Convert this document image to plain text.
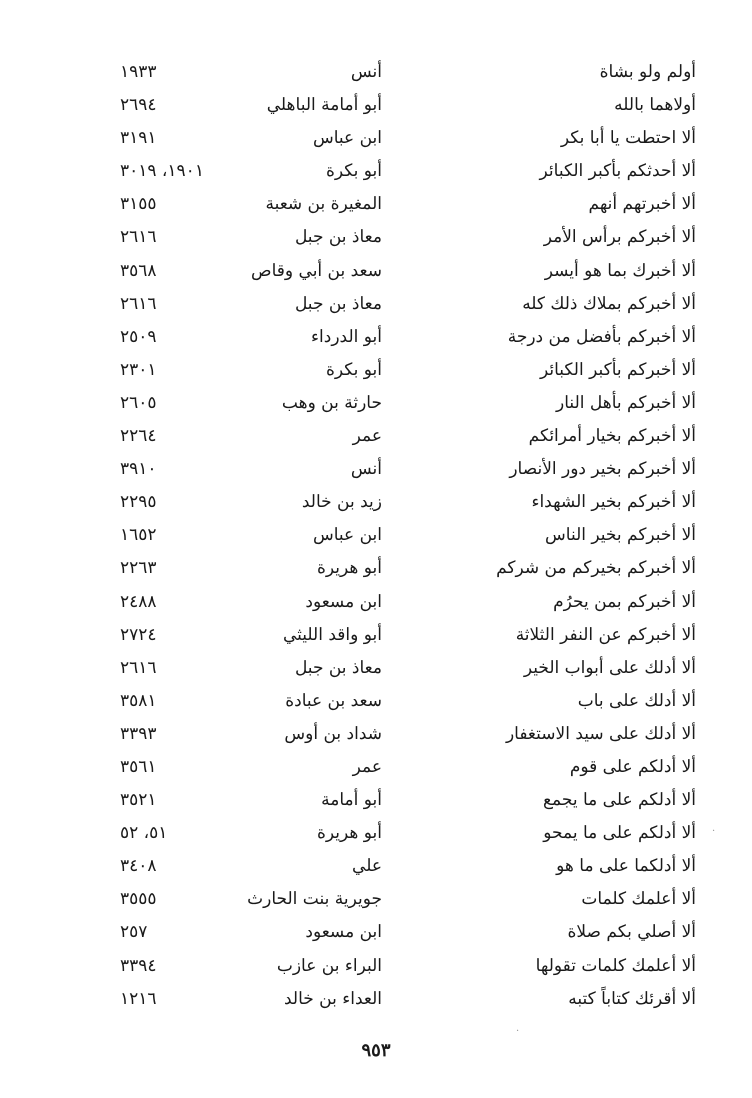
أولم ولو بشاة
أنس
١٩٣٣
أولاهما بالله
أبو أمامة الباهلي
٢٦٩٤
ألا احتطت يا أبا بكر
ابن عباس
٣١٩١
ألا أحدثكم بأكبر الكبائر
أبو بكرة
١٩٠١، ٣٠١٩
ألا أخبرتهم أنهم
المغيرة بن شعبة
٣١٥٥
ألا أخبركم برأس الأمر
معاذ بن جبل
٢٦١٦
ألا أخبرك بما هو أيسر
سعد بن أبي وقاص
٣٥٦٨
ألا أخبركم بملاك ذلك كله
معاذ بن جبل
٢٦١٦
ألا أخبركم بأفضل من درجة
أبو الدرداء
٢٥٠٩
ألا أخبركم بأكبر الكبائر
أبو بكرة
٢٣٠١
ألا أخبركم بأهل النار
حارثة بن وهب
٢٦٠٥
ألا أخبركم بخيار أمرائكم
عمر
٢٢٦٤
ألا أخبركم بخير دور الأنصار
أنس
٣٩١٠
ألا أخبركم بخير الشهداء
زيد بن خالد
٢٢٩٥
ألا أخبركم بخير الناس
ابن عباس
١٦٥٢
ألا أخبركم بخيركم من شركم
أبو هريرة
٢٢٦٣
ألا أخبركم بمن يحرُم
ابن مسعود
٢٤٨٨
ألا أخبركم عن النفر الثلاثة
أبو واقد الليثي
٢٧٢٤
ألا أدلك على أبواب الخير
معاذ بن جبل
٢٦١٦
ألا أدلك على باب
سعد بن عبادة
٣٥٨١
ألا أدلك على سيد الاستغفار
شداد بن أوس
٣٣٩٣
ألا أدلكم على قوم
عمر
٣٥٦١
ألا أدلكم على ما يجمع
أبو أمامة
٣٥٢١
ألا أدلكم على ما يمحو
أبو هريرة
٥١، ٥٢
ألا أدلكما على ما هو
علي
٣٤٠٨
ألا أعلمك كلمات
جويرية بنت الحارث
٣٥٥٥
ألا أصلي بكم صلاة
ابن مسعود
٢٥٧
ألا أعلمك كلمات تقولها
البراء بن عازب
٣٣٩٤
ألا أقرئك كتاباً كتبه
العداء بن خالد
١٢١٦
·
·
٩٥٣
